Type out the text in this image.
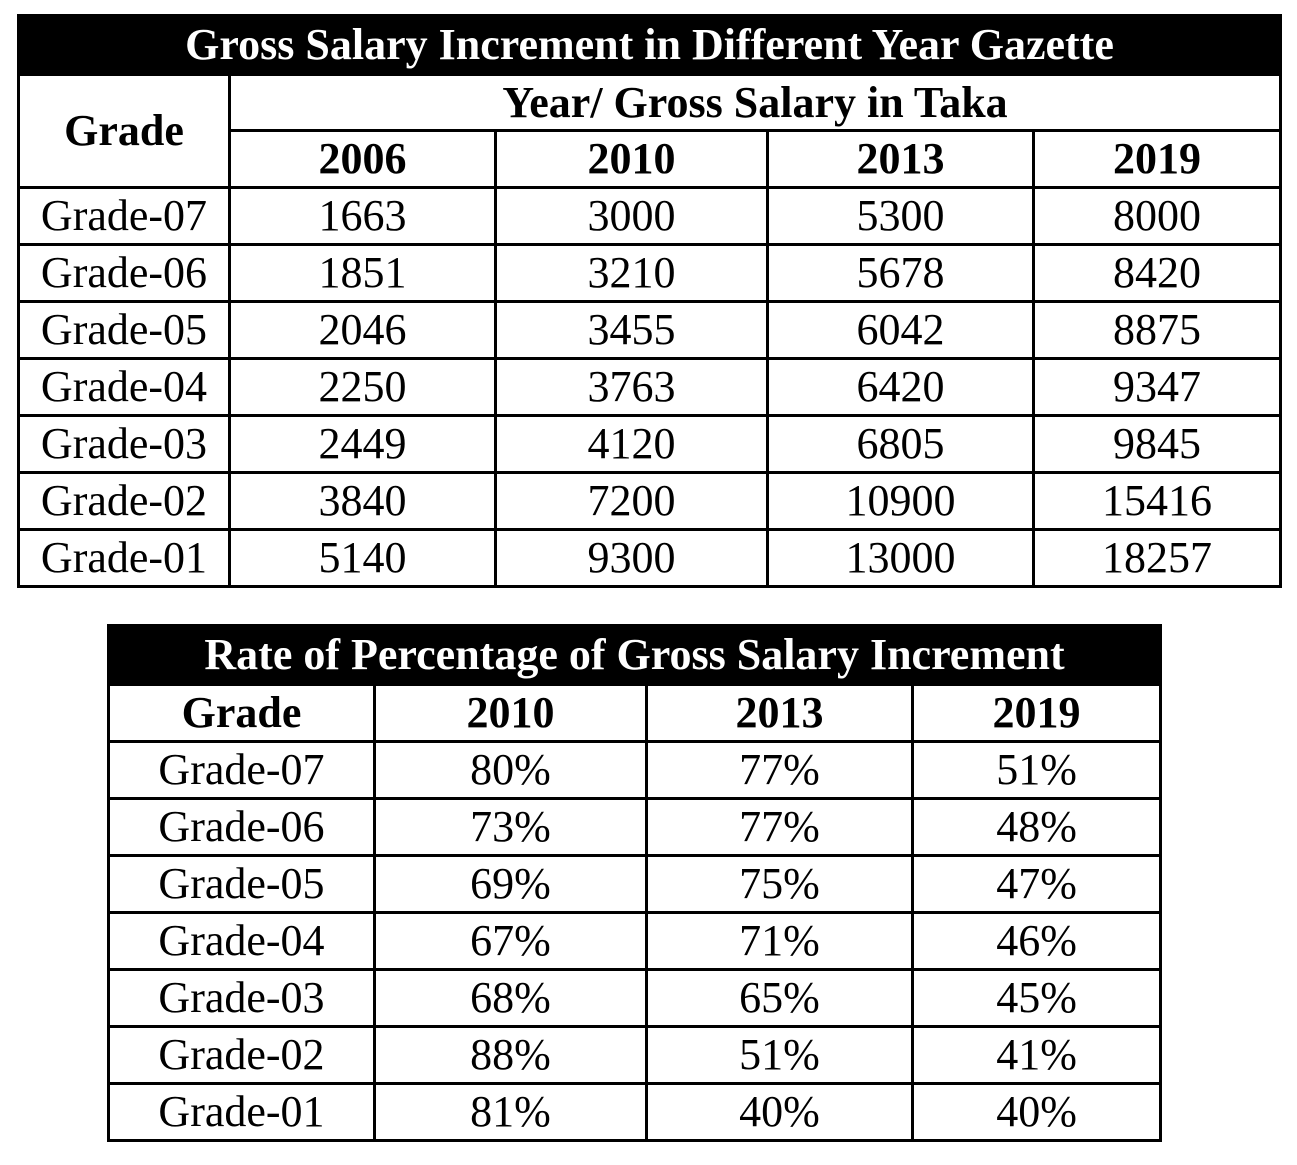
Gross Salary Increment in Different Year Gazette				
Grade	Year/ Gross Salary in Taka			
	2006	2010	2013	2019
Grade-07	1663	3000	5300	8000
Grade-06	1851	3210	5678	8420
Grade-05	2046	3455	6042	8875
Grade-04	2250	3763	6420	9347
Grade-03	2449	4120	6805	9845
Grade-02	3840	7200	10900	15416
Grade-01	5140	9300	13000	18257
Rate of Percentage of Gross Salary Increment			
Grade	2010	2013	2019
Grade-07	80%	77%	51%
Grade-06	73%	77%	48%
Grade-05	69%	75%	47%
Grade-04	67%	71%	46%
Grade-03	68%	65%	45%
Grade-02	88%	51%	41%
Grade-01	81%	40%	40%
